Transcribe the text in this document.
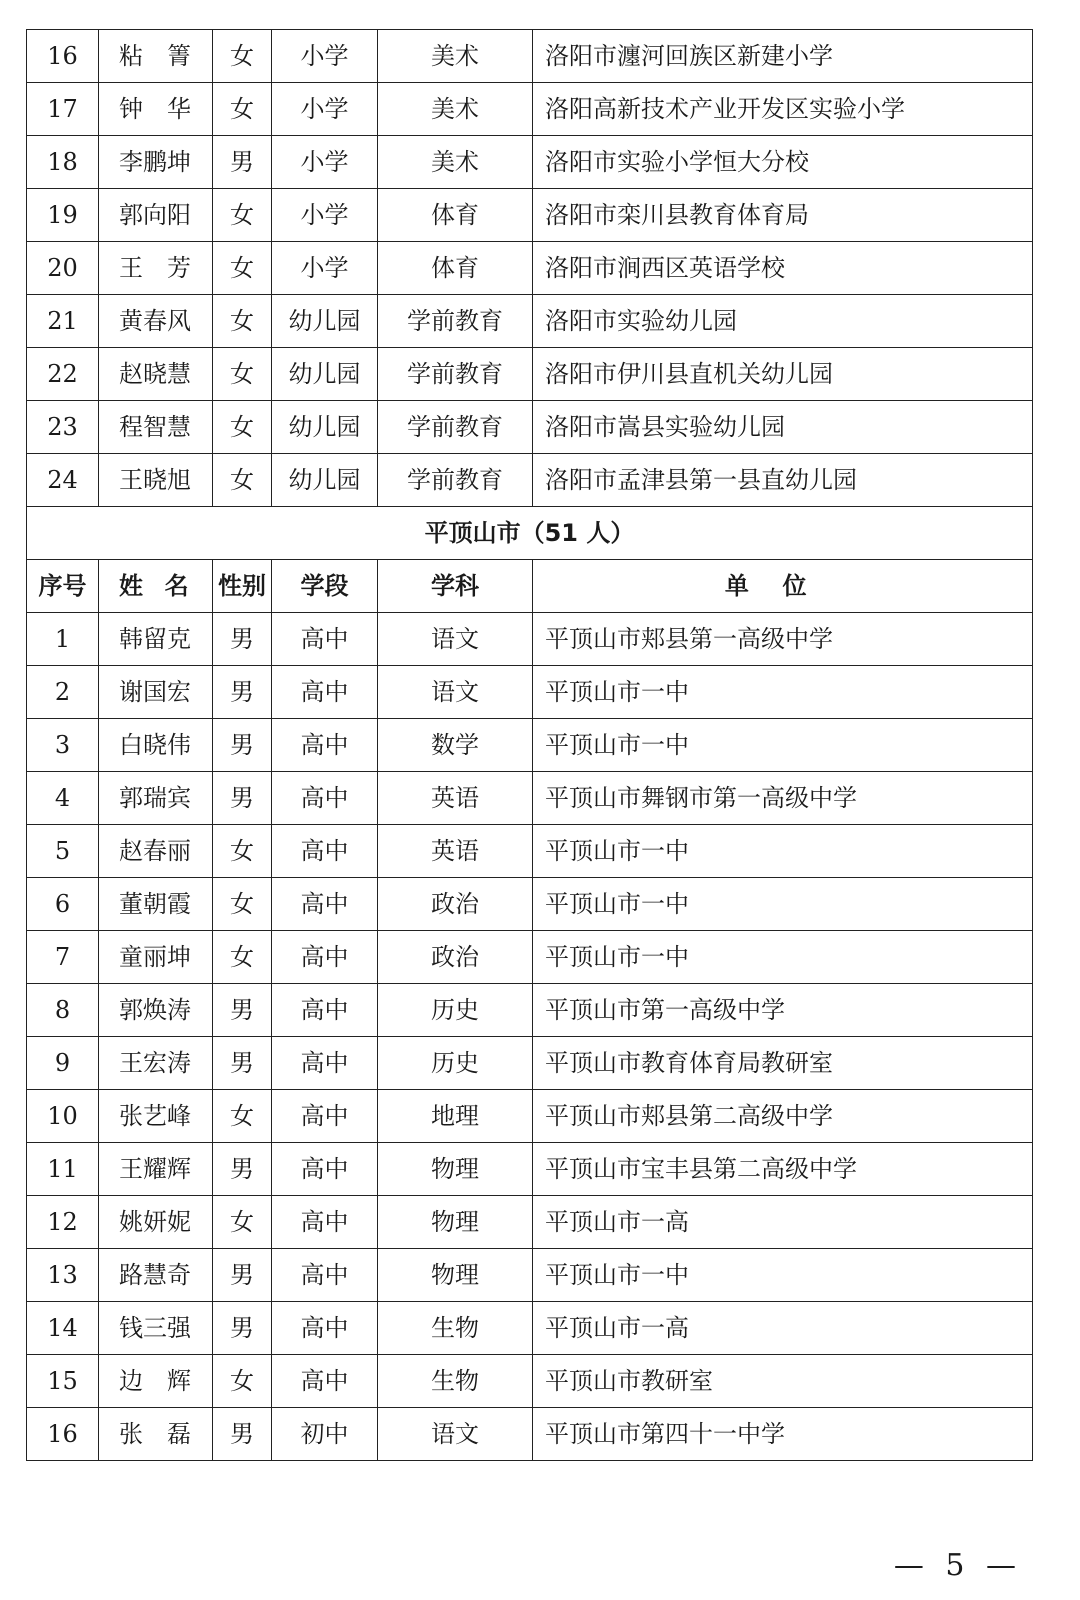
16	粘　箐	女	小学	美术	洛阳市瀍河回族区新建小学
17	钟　华	女	小学	美术	洛阳高新技术产业开发区实验小学
18	李鹏坤	男	小学	美术	洛阳市实验小学恒大分校
19	郭向阳	女	小学	体育	洛阳市栾川县教育体育局
20	王　芳	女	小学	体育	洛阳市涧西区英语学校
21	黄春风	女	幼儿园	学前教育	洛阳市实验幼儿园
22	赵晓慧	女	幼儿园	学前教育	洛阳市伊川县直机关幼儿园
23	程智慧	女	幼儿园	学前教育	洛阳市嵩县实验幼儿园
24	王晓旭	女	幼儿园	学前教育	洛阳市孟津县第一县直幼儿园
平顶山市（51 人）					
序号	姓名	性别	学段	学科	单位
1	韩留克	男	高中	语文	平顶山市郏县第一高级中学
2	谢国宏	男	高中	语文	平顶山市一中
3	白晓伟	男	高中	数学	平顶山市一中
4	郭瑞宾	男	高中	英语	平顶山市舞钢市第一高级中学
5	赵春丽	女	高中	英语	平顶山市一中
6	董朝霞	女	高中	政治	平顶山市一中
7	童丽坤	女	高中	政治	平顶山市一中
8	郭焕涛	男	高中	历史	平顶山市第一高级中学
9	王宏涛	男	高中	历史	平顶山市教育体育局教研室
10	张艺峰	女	高中	地理	平顶山市郏县第二高级中学
11	王耀辉	男	高中	物理	平顶山市宝丰县第二高级中学
12	姚妍妮	女	高中	物理	平顶山市一高
13	路慧奇	男	高中	物理	平顶山市一中
14	钱三强	男	高中	生物	平顶山市一高
15	边　辉	女	高中	生物	平顶山市教研室
16	张　磊	男	初中	语文	平顶山市第四十一中学
— 5 —
